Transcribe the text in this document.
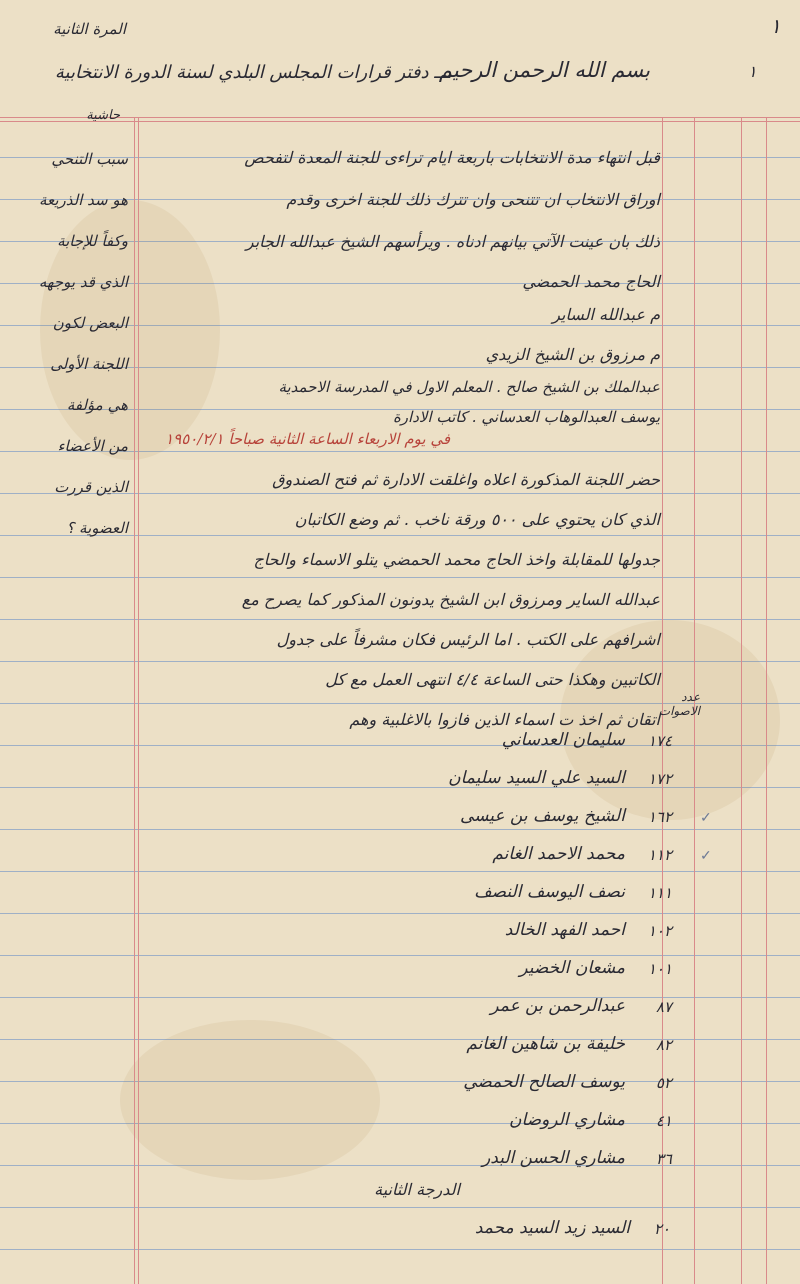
١
١
المرة الثانية
بسم الله الرحمن الرحيم
ـــ دفتر قرارات المجلس البلدي لسنة الدورة الانتخابية
حاشية
سبب التنحي
هو سد الذريعة
وكفاً للإجابة
الذي قد يوجهه
البعض لكون
اللجنة الأولى
هي مؤلفة
من الأعضاء
الذين قررت
العضوية ؟
قبل انتهاء مدة الانتخابات باربعة ايام تراءى للجنة المعدة لتفحص
اوراق الانتخاب ان تتنحى وان تترك ذلك للجنة اخرى وقدم
ذلك بان عينت الآتي بيانهم ادناه . ويرأسهم الشيخ عبدالله الجابر
الحاج محمد الحمضي
م عبدالله الساير
م مرزوق بن الشيخ الزيدي
عبدالملك بن الشيخ صالح . المعلم الاول في المدرسة الاحمدية
يوسف العبدالوهاب العدساني . كاتب الادارة
في يوم الاربعاء الساعة الثانية صباحاً ١٩٥٠/٢/١
حضر اللجنة المذكورة اعلاه واغلقت الادارة ثم فتح الصندوق
الذي كان يحتوي على ٥٠٠ ورقة ناخب . ثم وضع الكاتبان
جدولها للمقابلة واخذ الحاج محمد الحمضي يتلو الاسماء والحاج
عبدالله الساير ومرزوق ابن الشيخ يدونون المذكور كما يصرح مع
اشرافهم على الكتب . اما الرئيس فكان مشرفاً على جدول
الكاتبين وهكذا حتى الساعة ٤/٤ انتهى العمل مع كل
اتقان ثم اخذ ت اسماء الذين فازوا بالاغلبية وهم
عدد الاصوات
١٧٤
سليمان العدساني
١٧٢
السيد علي السيد سليمان
١٦٢
الشيخ يوسف بن عيسى	✓
١١٢
محمد الاحمد الغانم	✓
١١١
نصف اليوسف النصف
١٠٢
احمد الفهد الخالد
١٠١
مشعان الخضير
٨٧
عبدالرحمن بن عمر
٨٢
خليفة بن شاهين الغانم
٥٢
يوسف الصالح الحمضي
٤١
مشاري الروضان
٣٦
مشاري الحسن البدر
الدرجة الثانية
٢٠
السيد زيد السيد محمد
